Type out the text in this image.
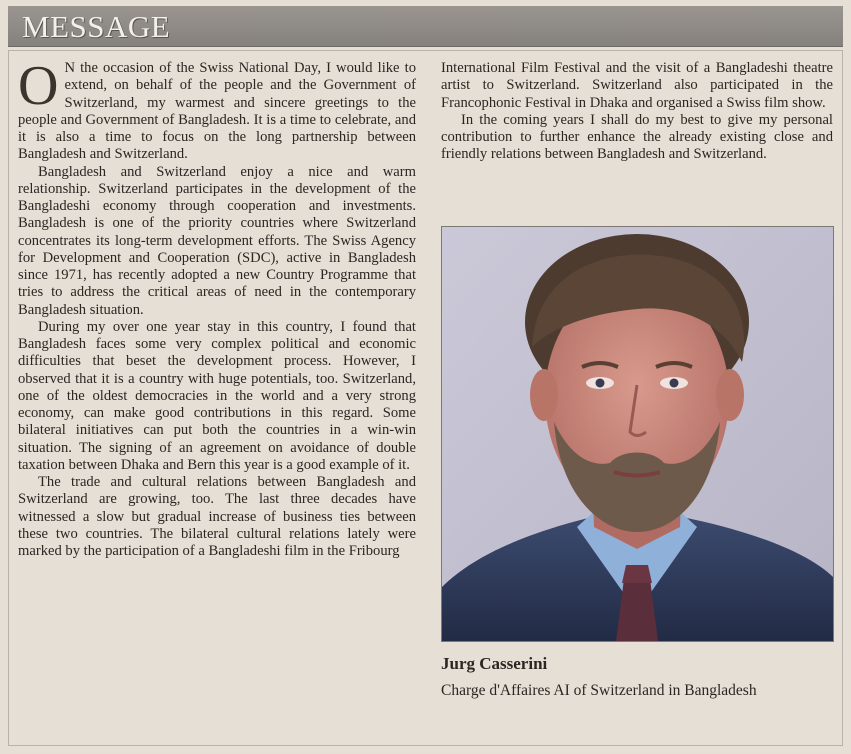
MESSAGE

O N the occasion of the Swiss National Day, I would like to extend, on behalf of the people and the Government of Switzerland, my warmest and sincere greetings to the people and Government of Bangladesh. It is a time to celebrate, and it is also a time to focus on the long partnership between Bangladesh and Switzerland.

Bangladesh and Switzerland enjoy a nice and warm relationship. Switzerland participates in the development of the Bangladeshi economy through cooperation and investments. Bangladesh is one of the priority countries where Switzerland concentrates its long-term development efforts. The Swiss Agency for Development and Cooperation (SDC), active in Bangladesh since 1971, has recently adopted a new Country Programme that tries to address the critical areas of need in the contemporary Bangladesh situation.

During my over one year stay in this country, I found that Bangladesh faces some very complex political and economic difficulties that beset the development process. However, I observed that it is a country with huge potentials, too. Switzerland, one of the oldest democracies in the world and a very strong economy, can make good contributions in this regard. Some bilateral initiatives can put both the countries in a win-win situation. The signing of an agreement on avoidance of double taxation between Dhaka and Bern this year is a good example of it.

The trade and cultural relations between Bangladesh and Switzerland are growing, too. The last three decades have witnessed a slow but gradual increase of business ties between these two countries. The bilateral cultural relations lately were marked by the participation of a Bangladeshi film in the Fribourg

International Film Festival and the visit of a Bangladeshi theatre artist to Switzerland. Switzerland also participated in the Francophonic Festival in Dhaka and organised a Swiss film show.

In the coming years I shall do my best to give my personal contribution to further enhance the already existing close and friendly relations between Bangladesh and Switzerland.

Jurg Casserini
Charge d'Affaires AI of Switzerland in Bangladesh
